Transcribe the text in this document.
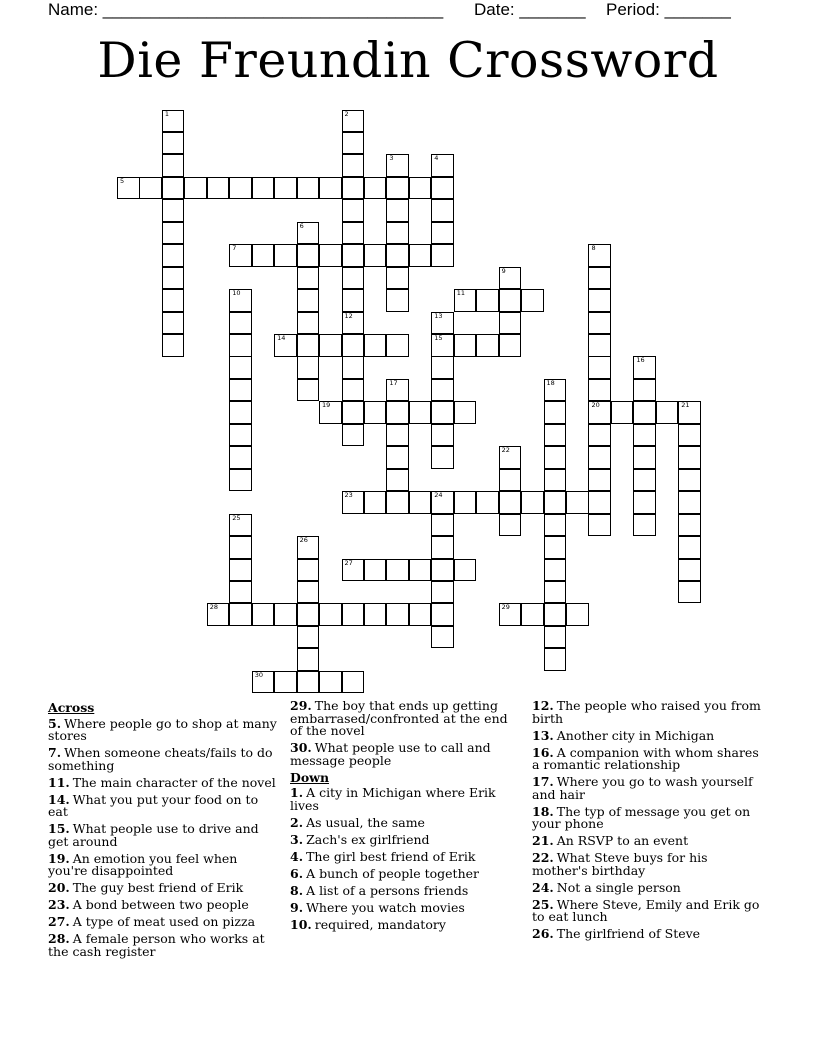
Name: ____________________________________ Date: _______ Period: _______
Die Freundin Crossword
5
1	2
12
3	4
7
6
8
20
9
11
10
13
15
14
16
17	18
19	21
22
23	24
25
26
27
28	29
30
Across
5. Where people go to shop at many stores
7. When someone cheats/fails to do something
11. The main character of the novel
14. What you put your food on to eat
15. What people use to drive and get around
19. An emotion you feel when you're disappointed
20. The guy best friend of Erik
23. A bond between two people
27. A type of meat used on pizza
28. A female person who works at the cash register
29. The boy that ends up getting embarrased/confronted at the end of the novel
30. What people use to call and message people
Down
1. A city in Michigan where Erik lives
2. As usual, the same
3. Zach's ex girlfriend
4. The girl best friend of Erik
6. A bunch of people together
8. A list of a persons friends
9. Where you watch movies
10. required, mandatory
12. The people who raised you from birth
13. Another city in Michigan
16. A companion with whom shares a romantic relationship
17. Where you go to wash yourself and hair
18. The typ of message you get on your phone
21. An RSVP to an event
22. What Steve buys for his mother's birthday
24. Not a single person
25. Where Steve, Emily and Erik go to eat lunch
26. The girlfriend of Steve
